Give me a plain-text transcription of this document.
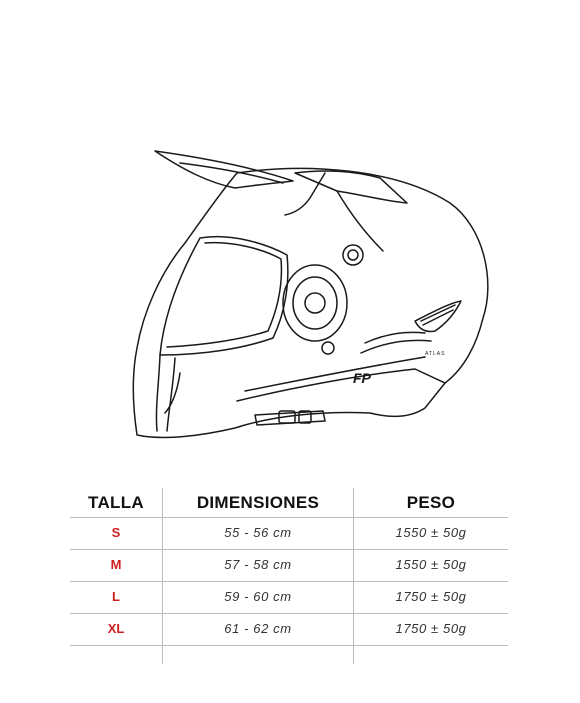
FP
ATLAS
TALLA	DIMENSIONES	PESO
S	55 - 56 cm	1550 ± 50g
M	57 - 58 cm	1550 ± 50g
L	59 - 60 cm	1750 ± 50g
XL	61 - 62 cm	1750 ± 50g
